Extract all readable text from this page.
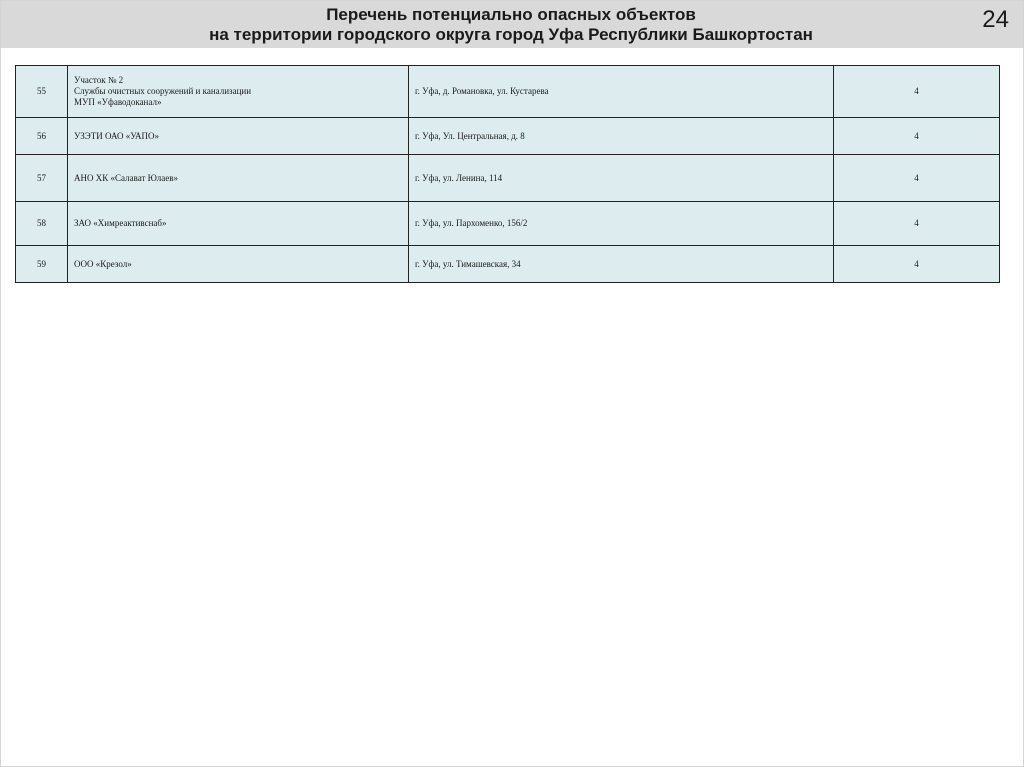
Перечень потенциально опасных объектов
на территории городского округа город Уфа Республики Башкортостан
24
55	Участок № 2
Службы очистных сооружений и канализации
МУП «Уфаводоканал»	г. Уфа, д. Романовка, ул. Кустарева	4
56	УЗЭТИ ОАО «УАПО»	г. Уфа, Ул. Центральная, д. 8	4
57	АНО ХК «Салават Юлаев»	г. Уфа, ул. Ленина, 114	4
58	ЗАО «Химреактивснаб»	г. Уфа, ул. Пархоменко, 156/2	4
59	ООО «Крезол»	г. Уфа, ул. Тимашевская, 34	4
